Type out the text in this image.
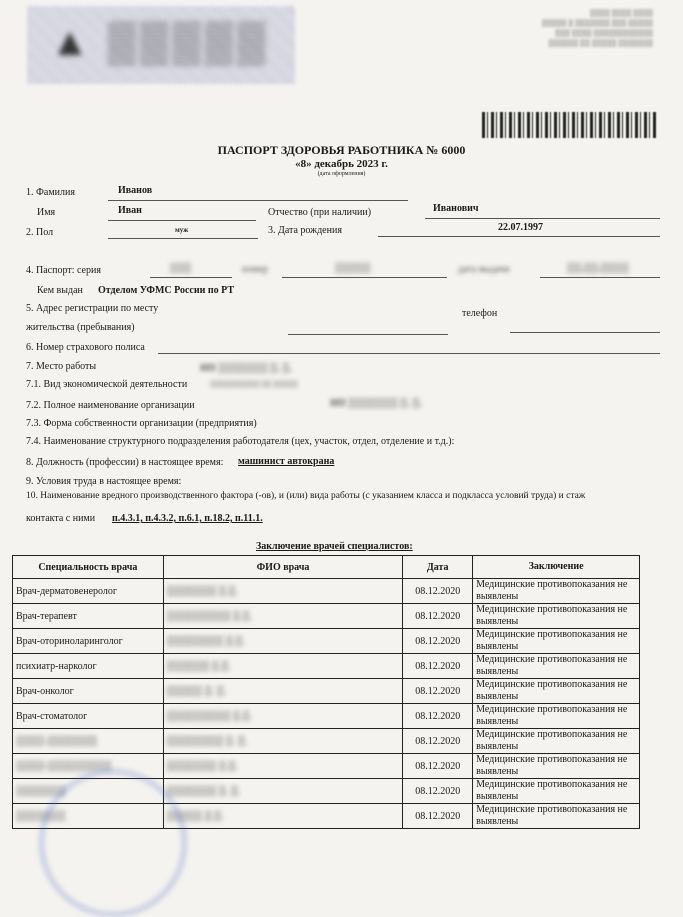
▲ ▒▒▒▒▒
▒▒▒▒ ▒▒▒▒ ▒▒▒▒
▒▒▒▒▒ ▒ ▒▒▒▒▒▒▒ ▒▒▒ ▒▒▒▒▒
▒▒▒ ▒▒▒▒ ▒▒▒▒▒▒▒▒▒▒▒▒
▒▒▒▒▒▒ ▒▒ ▒▒▒▒▒ ▒▒▒▒▒▒▒
ПАСПОРТ ЗДОРОВЬЯ РАБОТНИКА № 6000
«8» декабрь 2023 г.
(дата оформления)
1. Фамилия	Иванов
Имя	Иван	Отчество (при наличии)	Иванович
2. Пол	муж	3. Дата рождения	22.07.1997
4. Паспорт: серия	▒▒▒	номер	▒▒▒▒▒	дата выдачи	▒▒.▒▒.▒▒▒▒
Кем выдан Отделом УФМС России по РТ
5. Адрес регистрации по месту
жительства (пребывания)
телефон
6. Номер страхового полиса
7. Место работы	ИП ▒▒▒▒▒▒▒ ▒. ▒.
7.1. Вид экономической деятельности	▒▒▒▒▒▒▒▒▒▒ ▒▒ ▒▒▒▒▒
7.2. Полное наименование организации	ИП ▒▒▒▒▒▒▒ ▒. ▒.
7.3. Форма собственности организации (предприятия)
7.4. Наименование структурного подразделения работодателя (цех, участок, отдел, отделение и т.д.):
8. Должность (профессии) в настоящее время: машинист автокрана
9. Условия труда в настоящее время:
10. Наименование вредного производственного фактора (-ов), и (или) вида работы (с указанием класса и подкласса условий труда) и стаж
контакта с ними п.4.3.1, п.4.3.2, п.6.1, п.18.2, п.11.1.
Заключение врачей специалистов:
Специальность врача	ФИО врача	Дата	Заключение
Врач-дерматовенеролог	▒▒▒▒▒▒▒ ▒.▒.	08.12.2020	Медицинские противопоказания не выявлены
Врач-терапевт	▒▒▒▒▒▒▒▒▒ ▒.▒.	08.12.2020	Медицинские противопоказания не выявлены
Врач-оториноларинголог	▒▒▒▒▒▒▒▒ ▒.▒.	08.12.2020	Медицинские противопоказания не выявлены
психиатр-нарколог	▒▒▒▒▒▒ ▒.▒.	08.12.2020	Медицинские противопоказания не выявлены
Врач-онколог	▒▒▒▒▒ ▒. ▒.	08.12.2020	Медицинские противопоказания не выявлены
Врач-стоматолог	▒▒▒▒▒▒▒▒▒ ▒.▒.	08.12.2020	Медицинские противопоказания не выявлены
▒▒▒▒-▒▒▒▒▒▒▒	▒▒▒▒▒▒▒▒ ▒. ▒.	08.12.2020	Медицинские противопоказания не выявлены
▒▒▒▒-▒▒▒▒▒▒▒▒▒	▒▒▒▒▒▒▒ ▒.▒.	08.12.2020	Медицинские противопоказания не выявлены
▒▒▒▒▒▒▒	▒▒▒▒▒▒▒ ▒. ▒.	08.12.2020	Медицинские противопоказания не выявлены
▒▒▒▒▒▒▒	▒▒▒▒▒ ▒.▒.	08.12.2020	Медицинские противопоказания не выявлены
